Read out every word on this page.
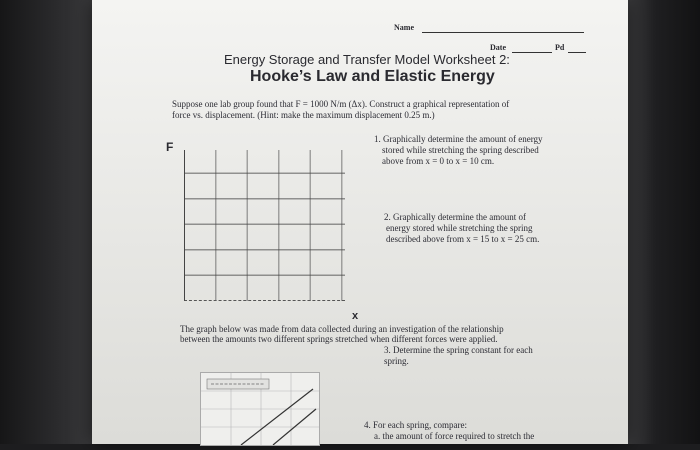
Name
Date	Pd
Energy Storage and Transfer Model Worksheet 2:
Hooke’s Law and Elastic Energy
Suppose one lab group found that F = 1000 N/m (Δx). Construct a graphical representation of
force vs. displacement. (Hint: make the maximum displacement 0.25 m.)
F
x
1. Graphically determine the amount of energy
stored while stretching the spring described
above from x = 0 to x = 10 cm.
2. Graphically determine the amount of
energy stored while stretching the spring
described above from x = 15 to x = 25 cm.
The graph below was made from data collected during an investigation of the relationship
between the amounts two different springs stretched when different forces were applied.
3. Determine the spring constant for each
spring.
4. For each spring, compare:
a. the amount of force required to stretch the
